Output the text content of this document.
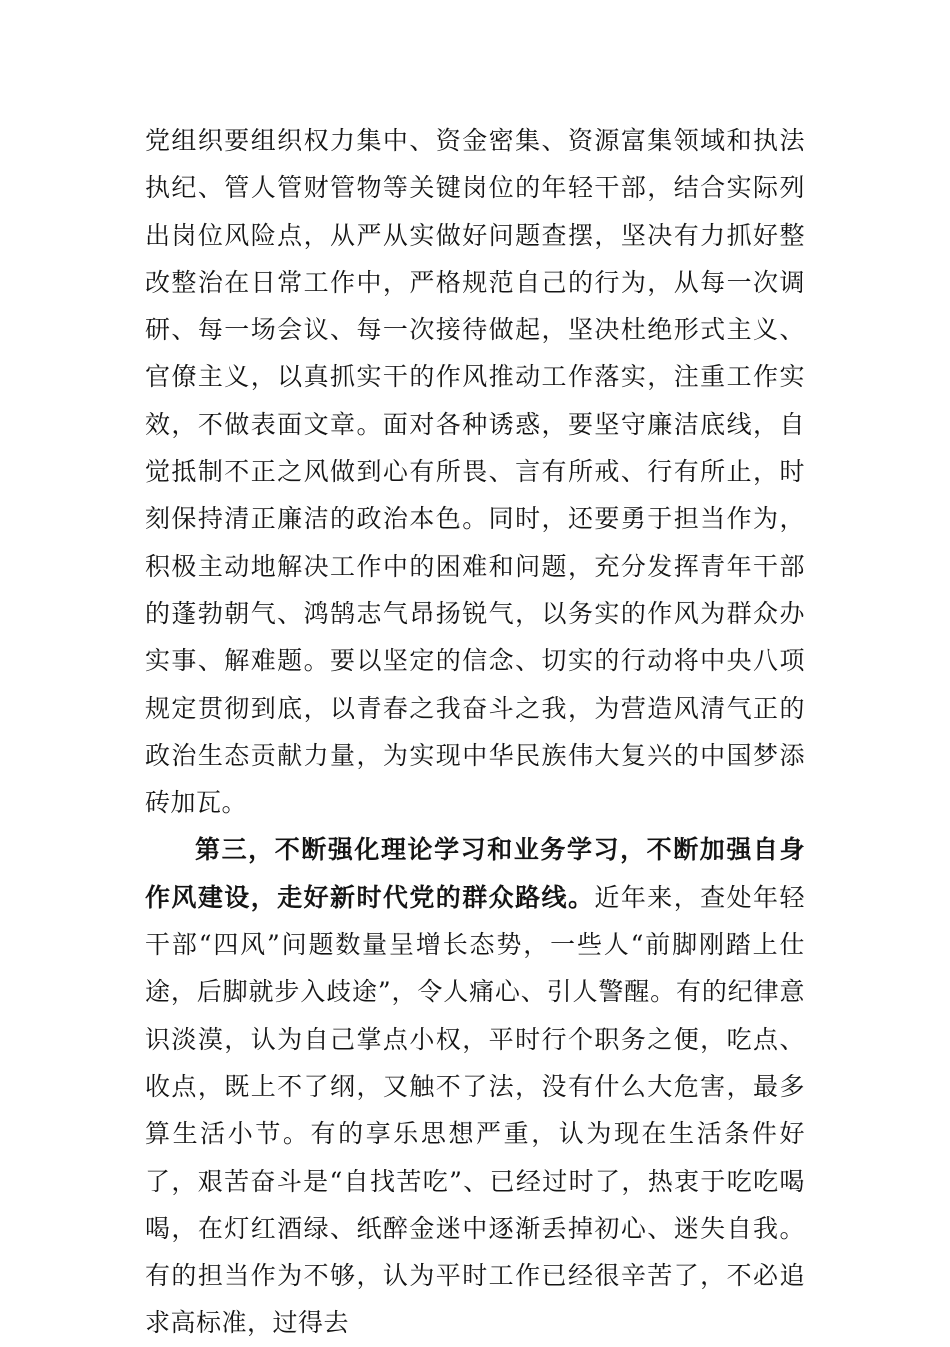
党组织要组织权力集中、资金密集、资源富集领域和执法执纪、管人管财管物等关键岗位的年轻干部，结合实际列出岗位风险点，从严从实做好问题查摆，坚决有力抓好整改整治在日常工作中，严格规范自己的行为，从每一次调研、每一场会议、每一次接待做起，坚决杜绝形式主义、官僚主义，以真抓实干的作风推动工作落实，注重工作实效，不做表面文章。面对各种诱惑，要坚守廉洁底线，自觉抵制不正之风做到心有所畏、言有所戒、行有所止，时刻保持清正廉洁的政治本色。同时，还要勇于担当作为，积极主动地解决工作中的困难和问题，充分发挥青年干部的蓬勃朝气、鸿鹄志气昂扬锐气，以务实的作风为群众办实事、解难题。要以坚定的信念、切实的行动将中央八项规定贯彻到底，以青春之我奋斗之我，为营造风清气正的政治生态贡献力量，为实现中华民族伟大复兴的中国梦添砖加瓦。

第三，不断强化理论学习和业务学习，不断加强自身作风建设，走好新时代党的群众路线。近年来，查处年轻干部“四风”问题数量呈增长态势，一些人“前脚刚踏上仕途，后脚就步入歧途”，令人痛心、引人警醒。有的纪律意识淡漠，认为自己掌点小权，平时行个职务之便，吃点、收点，既上不了纲，又触不了法，没有什么大危害，最多算生活小节。有的享乐思想严重，认为现在生活条件好了，艰苦奋斗是“自找苦吃”、已经过时了，热衷于吃吃喝喝，在灯红酒绿、纸醉金迷中逐渐丢掉初心、迷失自我。有的担当作为不够，认为平时工作已经很辛苦了，不必追求高标准，过得去
